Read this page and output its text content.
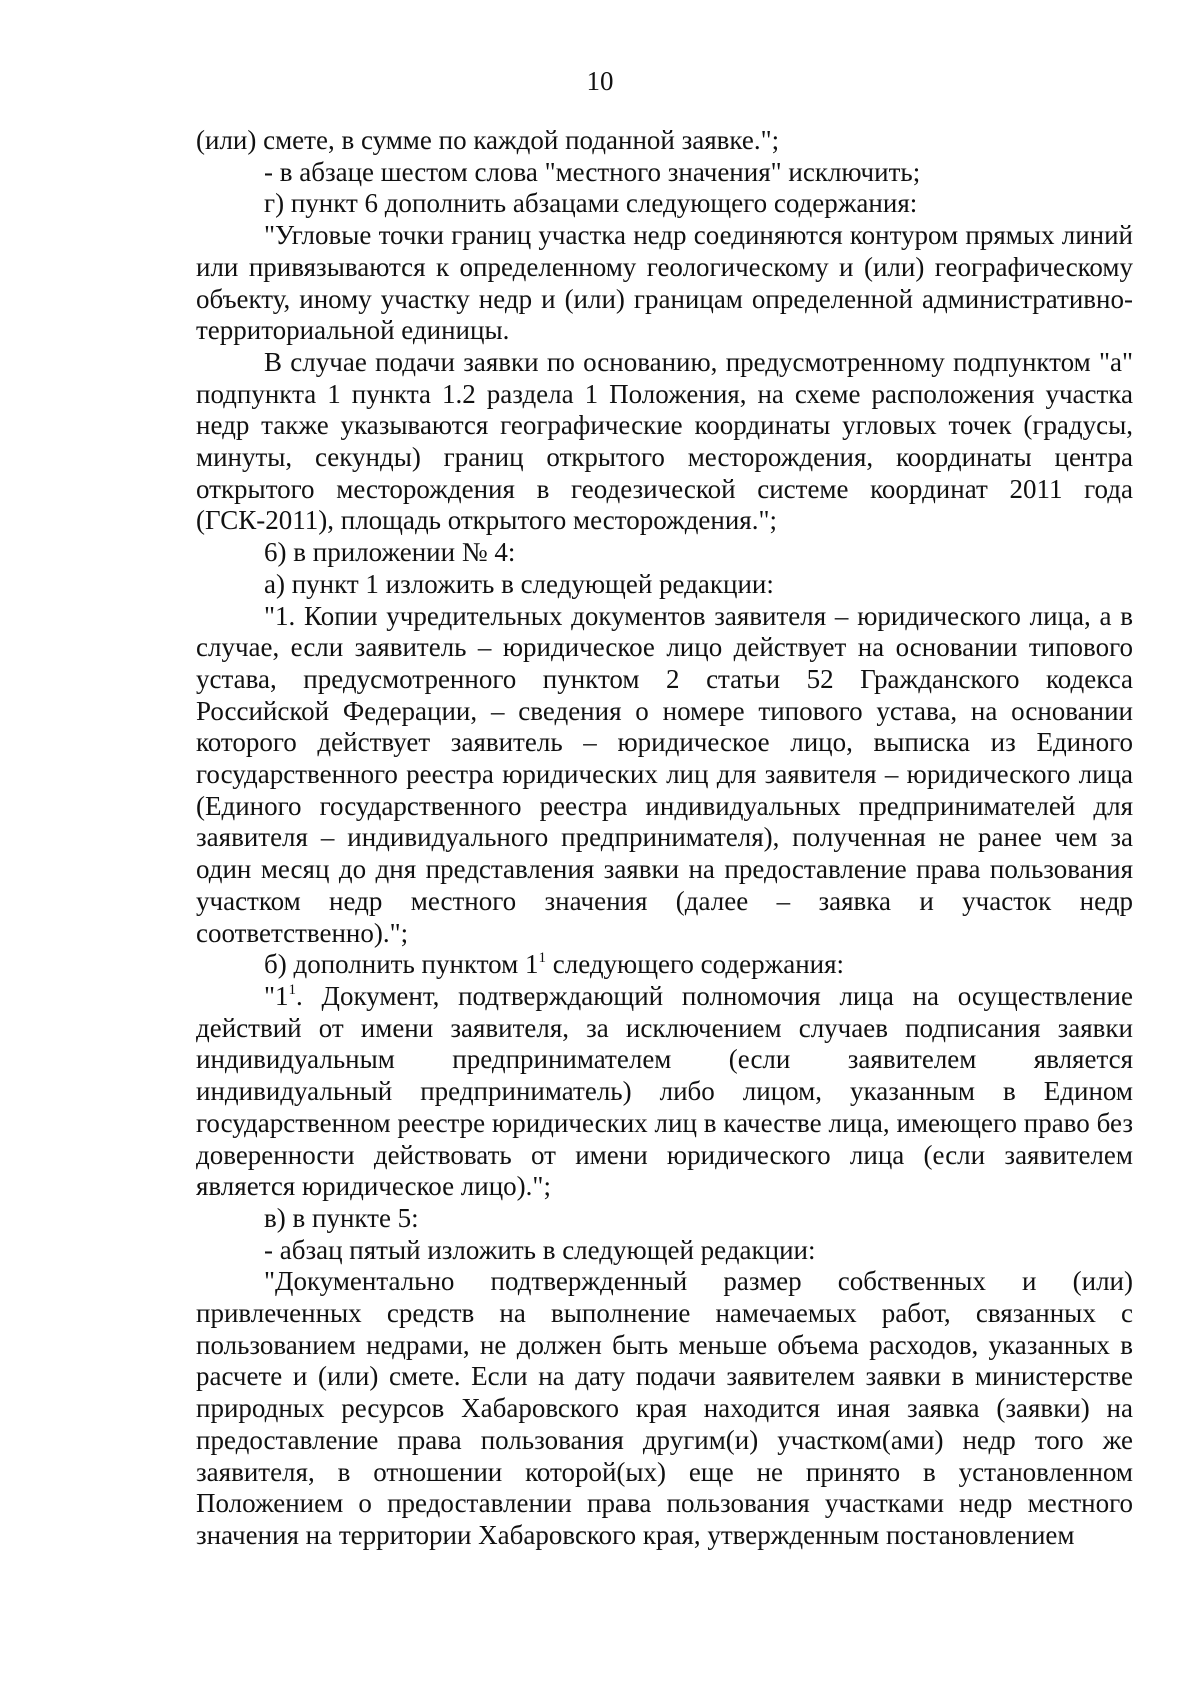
10

(или) смете, в сумме по каждой поданной заявке.";

- в абзаце шестом слова "местного значения" исключить;

г) пункт 6 дополнить абзацами следующего содержания:

"Угловые точки границ участка недр соединяются контуром прямых линий или привязываются к определенному геологическому и (или) географическому объекту, иному участку недр и (или) границам определенной административно-территориальной единицы.

В случае подачи заявки по основанию, предусмотренному подпунктом "а" подпункта 1 пункта 1.2 раздела 1 Положения, на схеме расположения участка недр также указываются географические координаты угловых точек (градусы, минуты, секунды) границ открытого месторождения, координаты центра открытого месторождения в геодезической системе координат 2011 года (ГСК-2011), площадь открытого месторождения.";

6) в приложении № 4:

а) пункт 1 изложить в следующей редакции:

"1. Копии учредительных документов заявителя – юридического лица, а в случае, если заявитель – юридическое лицо действует на основании типового устава, предусмотренного пунктом 2 статьи 52 Гражданского кодекса Российской Федерации, – сведения о номере типового устава, на основании которого действует заявитель – юридическое лицо, выписка из Единого государственного реестра юридических лиц для заявителя – юридического лица (Единого государственного реестра индивидуальных предпринимателей для заявителя – индивидуального предпринимателя), полученная не ранее чем за один месяц до дня представления заявки на предоставление права пользования участком недр местного значения (далее – заявка и участок недр соответственно).";

б) дополнить пунктом $1^1$ следующего содержания:

"$1^1$. Документ, подтверждающий полномочия лица на осуществление действий от имени заявителя, за исключением случаев подписания заявки индивидуальным предпринимателем (если заявителем является индивидуальный предприниматель) либо лицом, указанным в Едином государственном реестре юридических лиц в качестве лица, имеющего право без доверенности действовать от имени юридического лица (если заявителем является юридическое лицо).";

в) в пункте 5:

- абзац пятый изложить в следующей редакции:

"Документально подтвержденный размер собственных и (или) привлеченных средств на выполнение намечаемых работ, связанных с пользованием недрами, не должен быть меньше объема расходов, указанных в расчете и (или) смете. Если на дату подачи заявителем заявки в министерстве природных ресурсов Хабаровского края находится иная заявка (заявки) на предоставление права пользования другим(и) участком(ами) недр того же заявителя, в отношении которой(ых) еще не принято в установленном Положением о предоставлении права пользования участками недр местного значения на территории Хабаровского края, утвержденным постановлением
